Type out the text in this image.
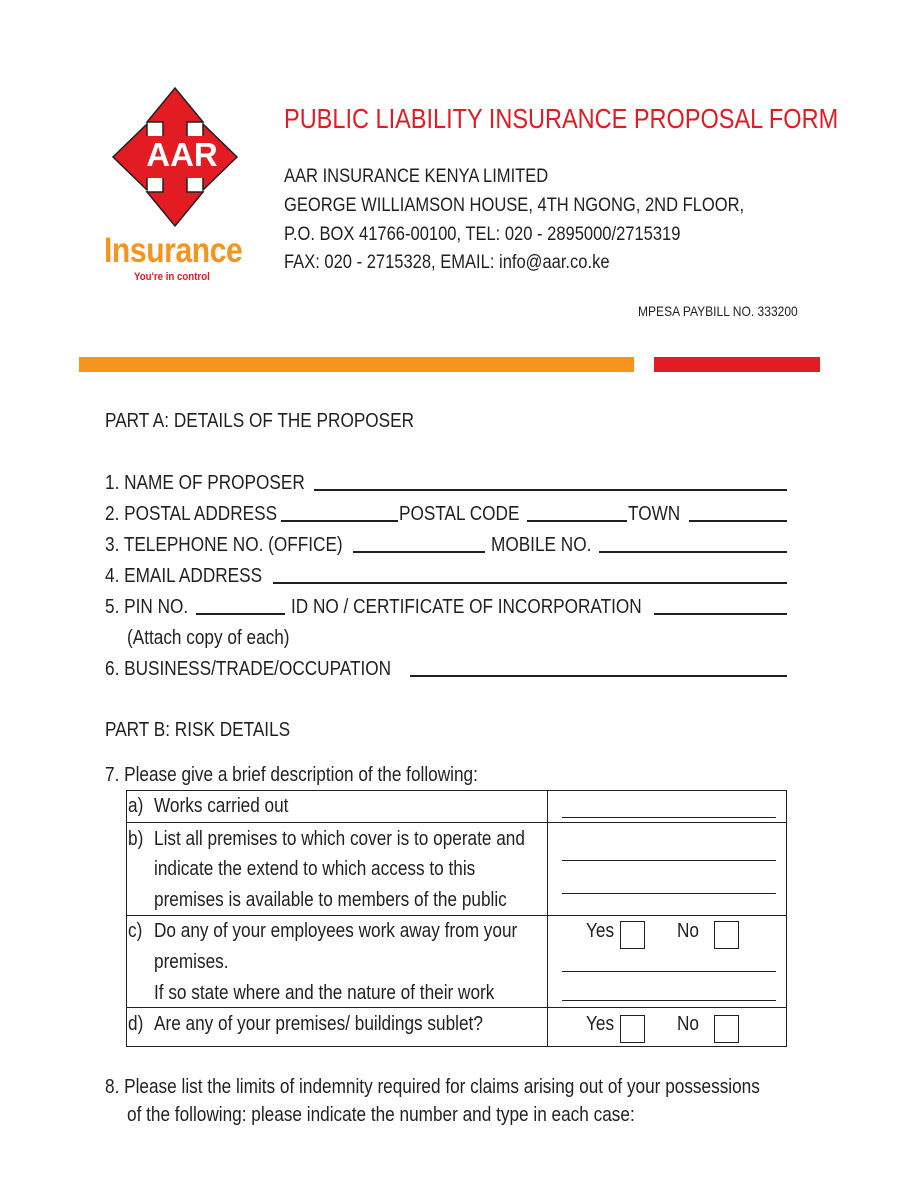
AAR
Insurance
You're in control
PUBLIC LIABILITY INSURANCE PROPOSAL FORM
AAR INSURANCE KENYA LIMITED
GEORGE WILLIAMSON HOUSE, 4TH NGONG, 2ND FLOOR,
P.O. BOX 41766-00100, TEL: 020 - 2895000/2715319
FAX: 020 - 2715328, EMAIL: info@aar.co.ke
MPESA PAYBILL NO. 333200
PART A: DETAILS OF THE PROPOSER
1. NAME OF PROPOSER
2. POSTAL ADDRESS	POSTAL CODE	TOWN
3. TELEPHONE NO. (OFFICE)	MOBILE NO.
4. EMAIL ADDRESS
5. PIN NO.	ID NO / CERTIFICATE OF INCORPORATION
(Attach copy of each)
6. BUSINESS/TRADE/OCCUPATION
PART B: RISK DETAILS
7. Please give a brief description of the following:
a) Works carried out
b) List all premises to which cover is to operate and
indicate the extend to which access to this
premises is available to members of the public
c) Do any of your employees work away from your
premises.
If so state where and the nature of their work
Yes	No
d) Are any of your premises/ buildings sublet?	Yes	No
8. Please list the limits of indemnity required for claims arising out of your possessions
of the following: please indicate the number and type in each case:
